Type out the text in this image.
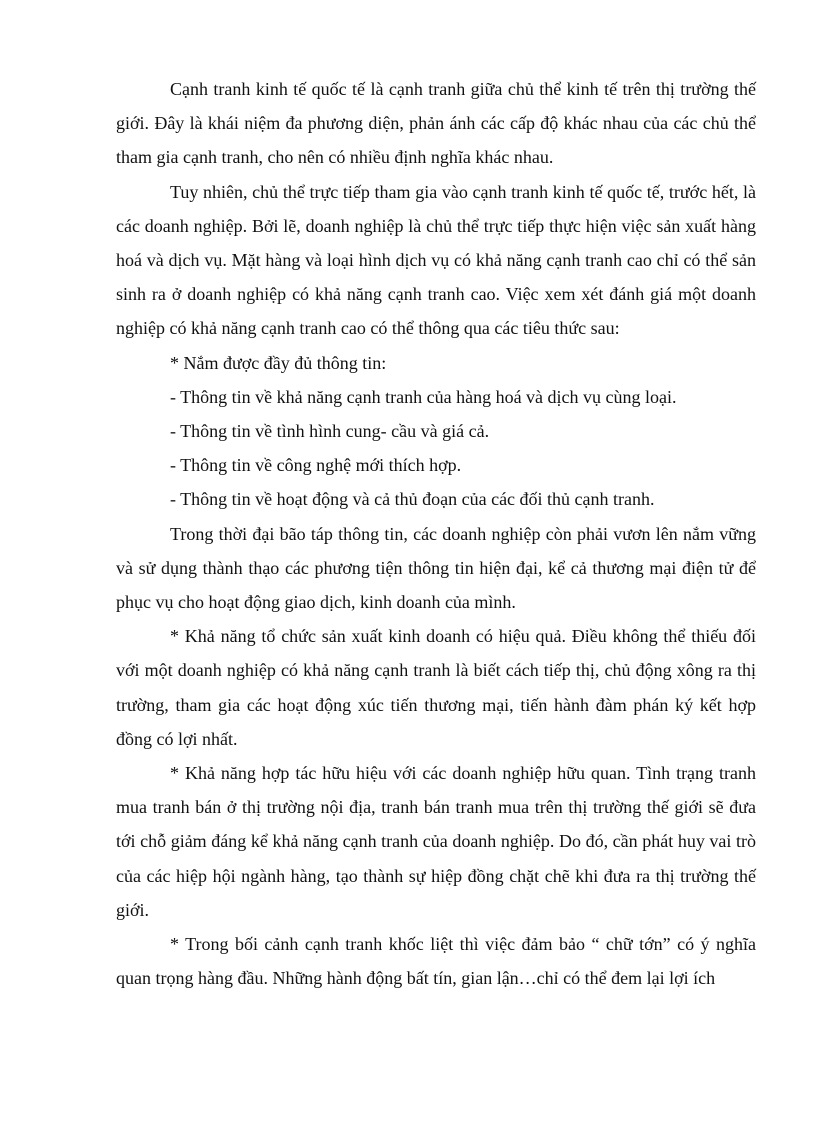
Cạnh tranh kinh tế quốc tế là cạnh tranh giữa chủ thể kinh tế trên thị trường thế giới. Đây là khái niệm đa phương diện, phản ánh các cấp độ khác nhau của các chủ thể tham gia cạnh tranh, cho nên có nhiều định nghĩa khác nhau.

Tuy nhiên, chủ thể trực tiếp tham gia vào cạnh tranh kinh tế quốc tế, trước hết, là các doanh nghiệp. Bởi lẽ, doanh nghiệp là chủ thể trực tiếp thực hiện việc sản xuất hàng hoá và dịch vụ. Mặt hàng và loại hình dịch vụ có khả năng cạnh tranh cao chỉ có thể sản sinh ra ở doanh nghiệp có khả năng cạnh tranh cao. Việc xem xét đánh giá một doanh nghiệp có khả năng cạnh tranh cao có thể thông qua các tiêu thức sau:

* Nắm được đầy đủ thông tin:

- Thông tin về khả năng cạnh tranh của hàng hoá và dịch vụ cùng loại.

- Thông tin về tình hình cung- cầu và giá cả.

- Thông tin về công nghệ mới thích hợp.

- Thông tin về hoạt động và cả thủ đoạn của các đối thủ cạnh tranh.

Trong thời đại bão táp thông tin, các doanh nghiệp còn phải vươn lên nắm vững và sử dụng thành thạo các phương tiện thông tin hiện đại, kể cả thương mại điện tử để phục vụ cho hoạt động giao dịch, kinh doanh của mình.

* Khả năng tổ chức sản xuất kinh doanh có hiệu quả. Điều không thể thiếu đối với một doanh nghiệp có khả năng cạnh tranh là biết cách tiếp thị, chủ động xông ra thị trường, tham gia các hoạt động xúc tiến thương mại, tiến hành đàm phán ký kết hợp đồng có lợi nhất.

* Khả năng hợp tác hữu hiệu với các doanh nghiệp hữu quan. Tình trạng tranh mua tranh bán ở thị trường nội địa, tranh bán tranh mua trên thị trường thế giới sẽ đưa tới chỗ giảm đáng kể khả năng cạnh tranh của doanh nghiệp. Do đó, cần phát huy vai trò của các hiệp hội ngành hàng, tạo thành sự hiệp đồng chặt chẽ khi đưa ra thị trường thế giới.

* Trong bối cảnh cạnh tranh khốc liệt thì việc đảm bảo “ chữ tớn” có ý nghĩa quan trọng hàng đầu. Những hành động bất tín, gian lận…chỉ có thể đem lại lợi ích
